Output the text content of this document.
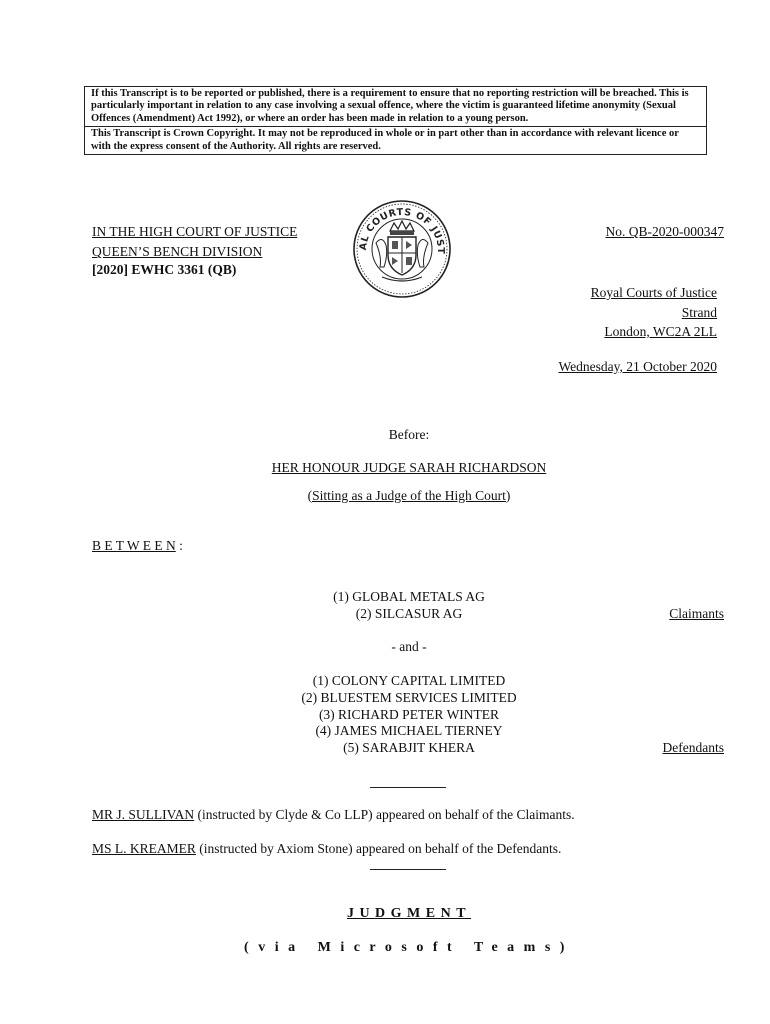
If this Transcript is to be reported or published, there is a requirement to ensure that no reporting restriction will be breached. This is particularly important in relation to any case involving a sexual offence, where the victim is guaranteed lifetime anonymity (Sexual Offences (Amendment) Act 1992), or where an order has been made in relation to a young person.
This Transcript is Crown Copyright. It may not be reproduced in whole or in part other than in accordance with relevant licence or with the express consent of the Authority. All rights are reserved.
IN THE HIGH COURT OF JUSTICE
QUEEN’S BENCH DIVISION
[2020] EWHC 3361 (QB)
AL COURTS OF JUST
No. QB-2020-000347
Royal Courts of Justice
Strand
London, WC2A 2LL
Wednesday, 21 October 2020
Before:
HER HONOUR JUDGE SARAH RICHARDSON
(Sitting as a Judge of the High Court)
B E T W E E N :
(1) GLOBAL METALS AG
(2) SILCASUR AG	Claimants
- and -
(1) COLONY CAPITAL LIMITED
(2) BLUESTEM SERVICES LIMITED
(3) RICHARD PETER WINTER
(4) JAMES MICHAEL TIERNEY
(5) SARABJIT KHERA	Defendants
MR J. SULLIVAN (instructed by Clyde & Co LLP) appeared on behalf of the Claimants.
MS L. KREAMER (instructed by Axiom Stone) appeared on behalf of the Defendants.
JUDGMENT
(via Microsoft Teams)
